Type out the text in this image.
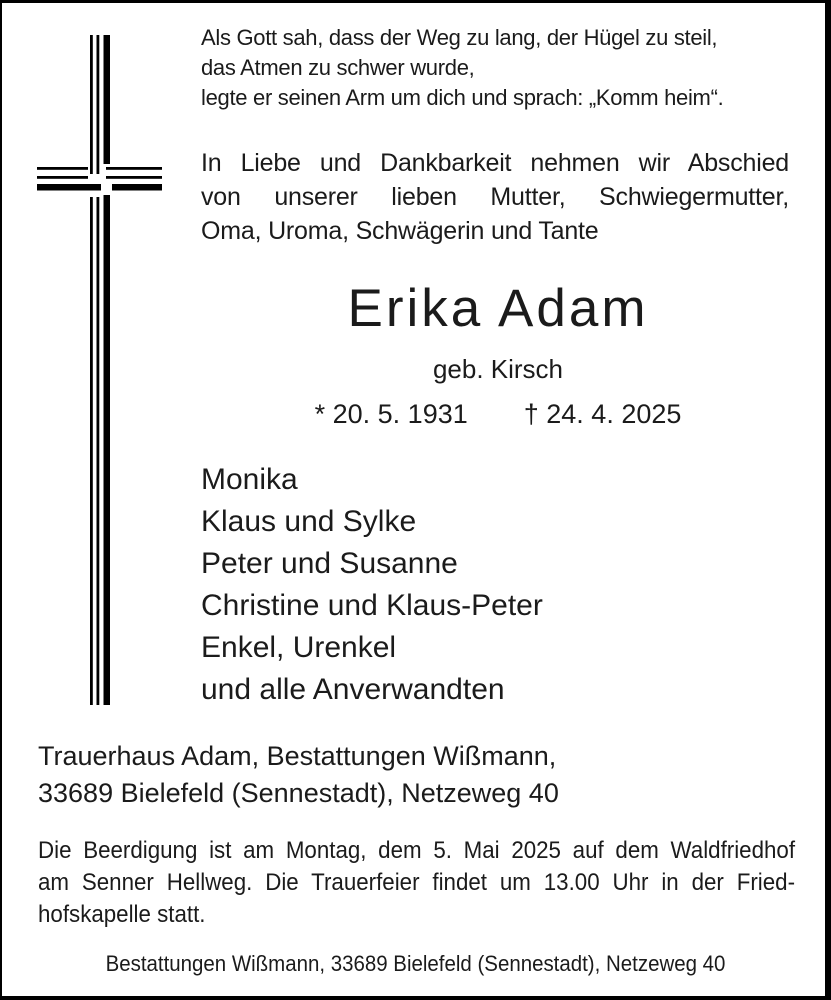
Als Gott sah, dass der Weg zu lang, der Hügel zu steil,
das Atmen zu schwer wurde,
legte er seinen Arm um dich und sprach: „Komm heim“.
In Liebe und Dankbarkeit nehmen wir Abschied
von unserer lieben Mutter, Schwiegermutter,
Oma, Uroma, Schwägerin und Tante
Erika Adam
geb. Kirsch
* 20. 5. 1931 † 24. 4. 2025
Monika
Klaus und Sylke
Peter und Susanne
Christine und Klaus-Peter
Enkel, Urenkel
und alle Anverwandten
Trauerhaus Adam, Bestattungen Wißmann,
33689 Bielefeld (Sennestadt), Netzeweg 40
Die Beerdigung ist am Montag, dem 5. Mai 2025 auf dem Waldfriedhof
am Senner Hellweg. Die Trauerfeier findet um 13.00 Uhr in der Fried-
hofskapelle statt.
Bestattungen Wißmann, 33689 Bielefeld (Sennestadt), Netzeweg 40
